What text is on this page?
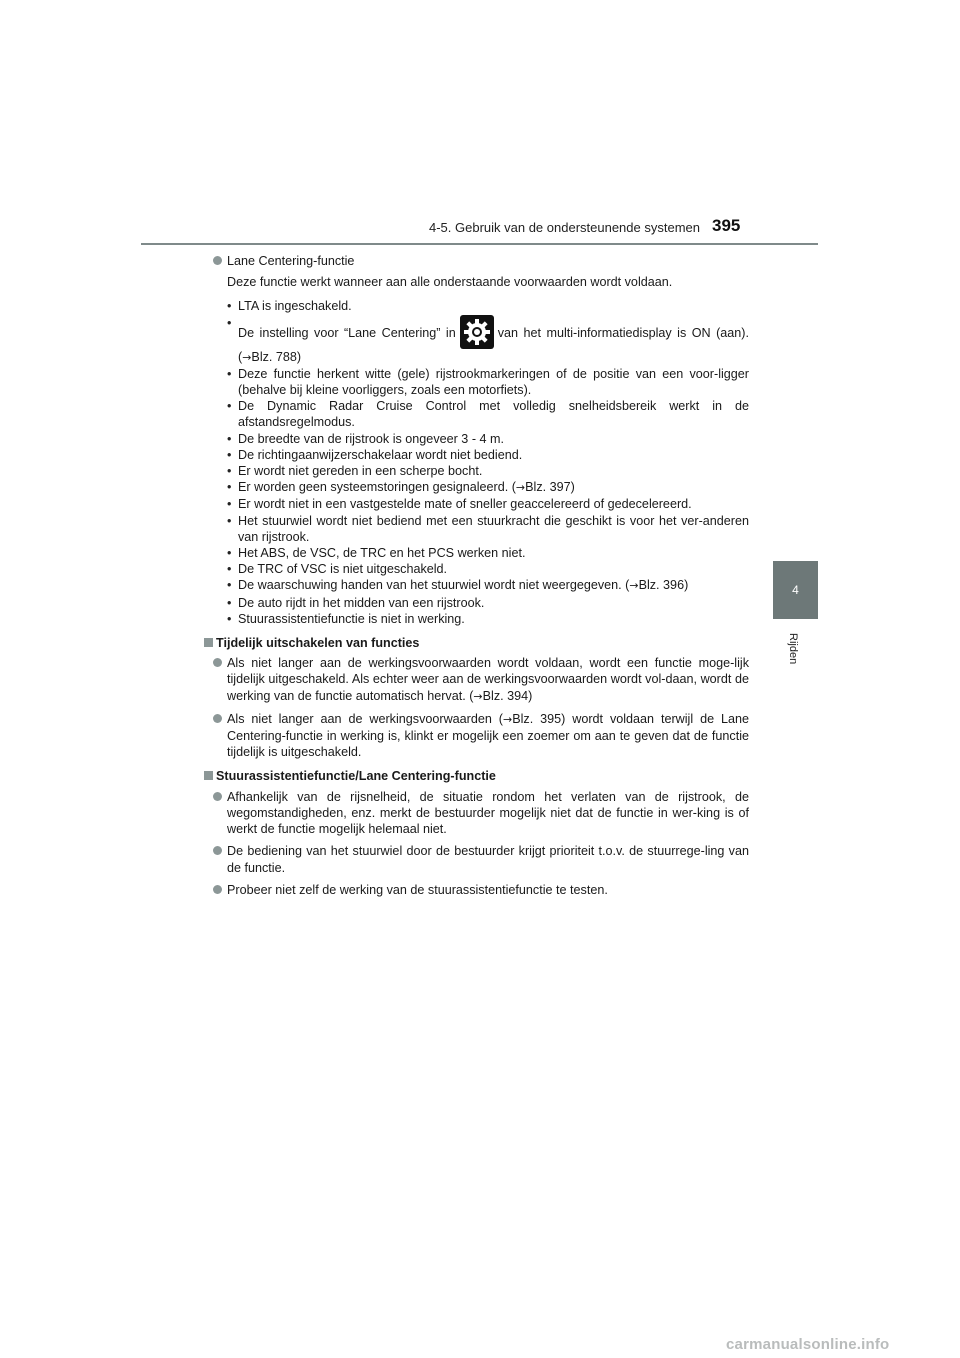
4-5. Gebruik van de ondersteunende systemen 395
4
Rijden

Lane Centering-functie

Deze functie werkt wanneer aan alle onderstaande voorwaarden wordt voldaan.

• LTA is ingeschakeld.
• De instelling voor “Lane Centering” in	van het multi-informatiedisplay is ON (aan). (→Blz. 788)
• Deze functie herkent witte (gele) rijstrookmarkeringen of de positie van een voor-ligger (behalve bij kleine voorliggers, zoals een motorfiets).
• De Dynamic Radar Cruise Control met volledig snelheidsbereik werkt in de afstandsregelmodus.
• De breedte van de rijstrook is ongeveer 3 - 4 m.
• De richtingaanwijzerschakelaar wordt niet bediend.
• Er wordt niet gereden in een scherpe bocht.
• Er worden geen systeemstoringen gesignaleerd. (→Blz. 397)
• Er wordt niet in een vastgestelde mate of sneller geaccelereerd of gedecelereerd.
• Het stuurwiel wordt niet bediend met een stuurkracht die geschikt is voor het ver-anderen van rijstrook.
• Het ABS, de VSC, de TRC en het PCS werken niet.
• De TRC of VSC is niet uitgeschakeld.
• De waarschuwing handen van het stuurwiel wordt niet weergegeven. (→Blz. 396)
• De auto rijdt in het midden van een rijstrook.
• Stuurassistentiefunctie is niet in werking.

Tijdelijk uitschakelen van functies

Als niet langer aan de werkingsvoorwaarden wordt voldaan, wordt een functie moge-lijk tijdelijk uitgeschakeld. Als echter weer aan de werkingsvoorwaarden wordt vol-daan, wordt de werking van de functie automatisch hervat. (→Blz. 394)

Als niet langer aan de werkingsvoorwaarden (→Blz. 395) wordt voldaan terwijl de Lane Centering-functie in werking is, klinkt er mogelijk een zoemer om aan te geven dat de functie tijdelijk is uitgeschakeld.

Stuurassistentiefunctie/Lane Centering-functie

Afhankelijk van de rijsnelheid, de situatie rondom het verlaten van de rijstrook, de wegomstandigheden, enz. merkt de bestuurder mogelijk niet dat de functie in wer-king is of werkt de functie mogelijk helemaal niet.

De bediening van het stuurwiel door de bestuurder krijgt prioriteit t.o.v. de stuurrege-ling van de functie.

Probeer niet zelf de werking van de stuurassistentiefunctie te testen.

carmanualsonline.info
